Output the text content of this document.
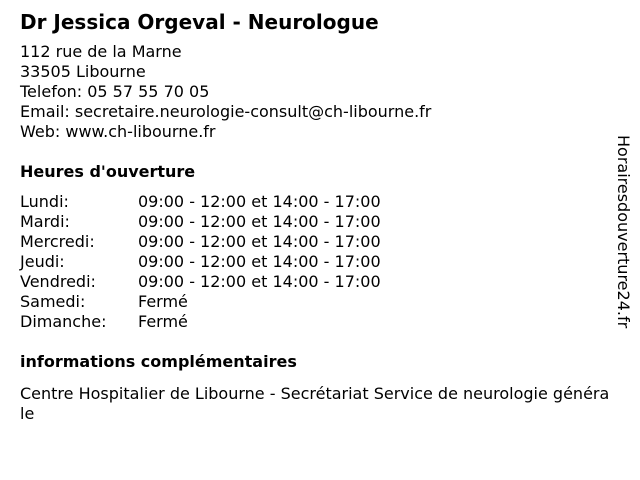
Dr Jessica Orgeval - Neurologue
112 rue de la Marne
33505 Libourne
Telefon: 05 57 55 70 05
Email: secretaire.neurologie-consult@ch-libourne.fr
Web: www.ch-libourne.fr
Heures d'ouverture
Lundi:	09:00 - 12:00 et 14:00 - 17:00
Mardi:	09:00 - 12:00 et 14:00 - 17:00
Mercredi:	09:00 - 12:00 et 14:00 - 17:00
Jeudi:	09:00 - 12:00 et 14:00 - 17:00
Vendredi:	09:00 - 12:00 et 14:00 - 17:00
Samedi:	Fermé
Dimanche:	Fermé
informations complémentaires
Centre Hospitalier de Libourne - Secrétariat Service de neurologie générale
Horairesdouverture24.fr
